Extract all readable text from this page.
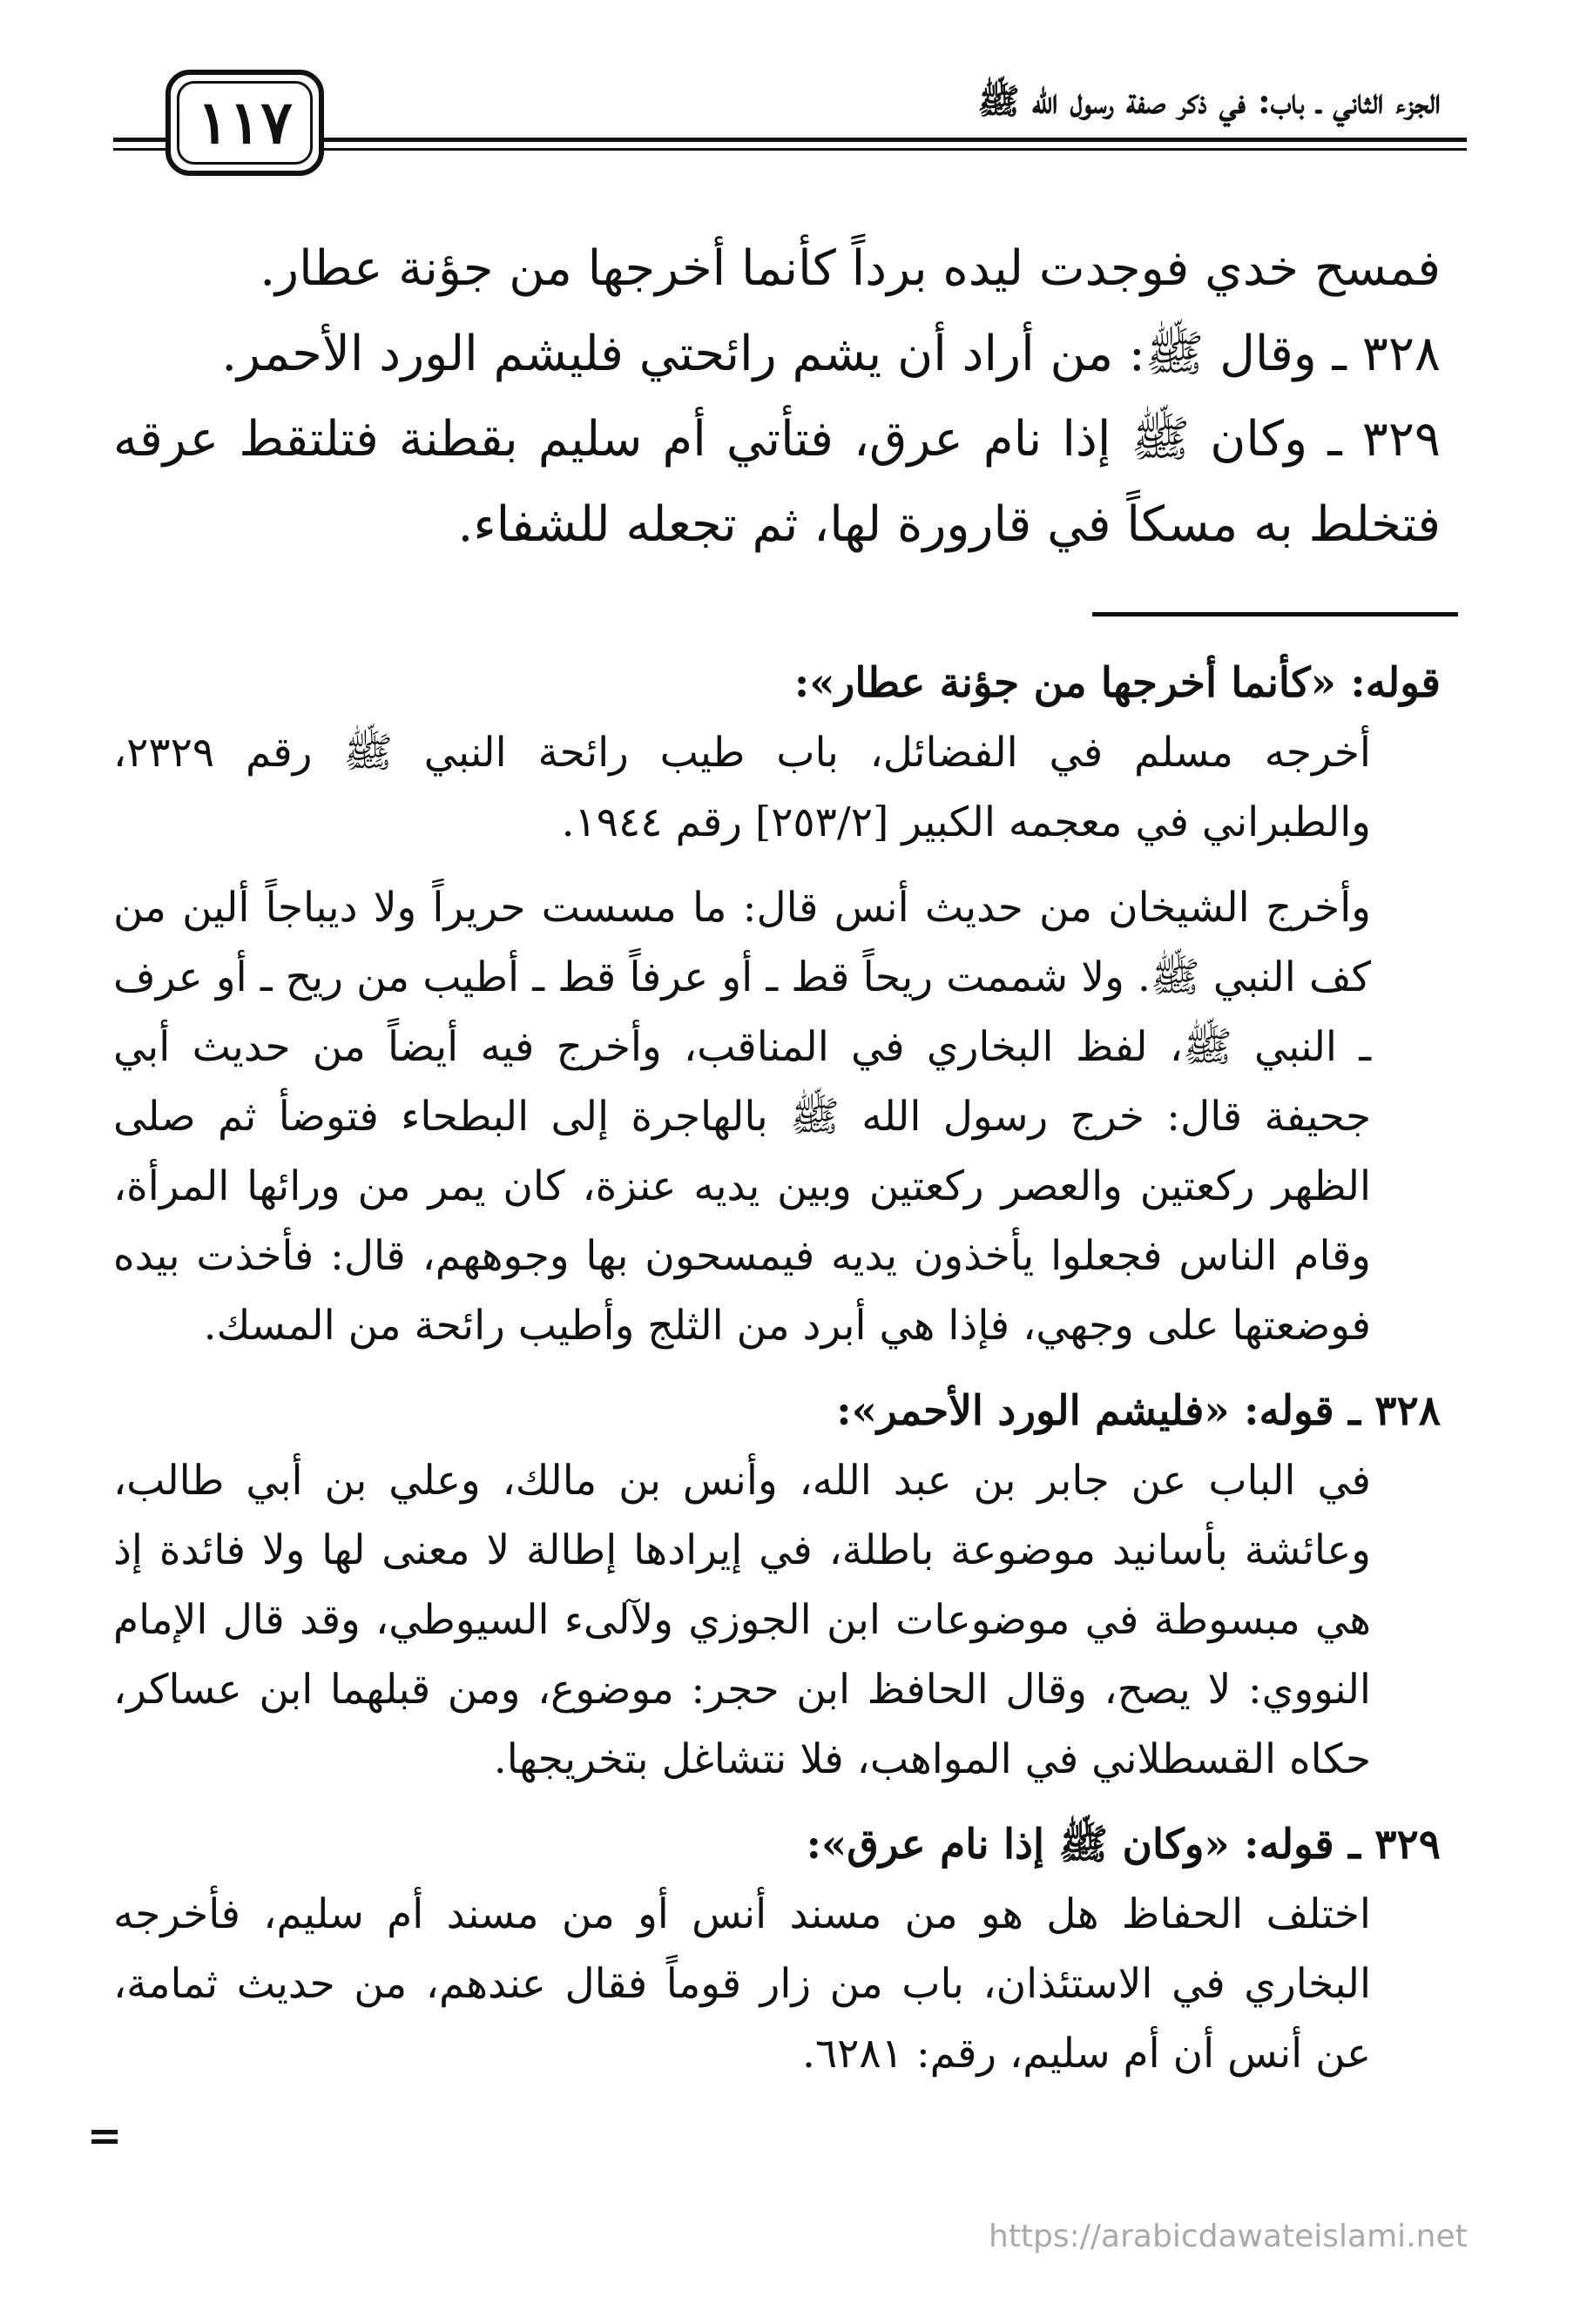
الجزء الثاني ـ باب: في ذكر صفة رسول الله ﷺ
١١٧

فمسح خدي فوجدت ليده برداً كأنما أخرجها من جؤنة عطار.

٣٢٨ ـ وقال ﷺ: من أراد أن يشم رائحتي فليشم الورد الأحمر.

٣٢٩ ـ وكان ﷺ إذا نام عرق، فتأتي أم سليم بقطنة فتلتقط عرقه فتخلط به مسكاً في قارورة لها، ثم تجعله للشفاء.

قوله: «كأنما أخرجها من جؤنة عطار»:

أخرجه مسلم في الفضائل، باب طيب رائحة النبي ﷺ رقم ٢٣٢٩، والطبراني في معجمه الكبير [٢٥٣/٢] رقم ١٩٤٤.

وأخرج الشيخان من حديث أنس قال: ما مسست حريراً ولا ديباجاً ألين من كف النبي ﷺ. ولا شممت ريحاً قط ـ أو عرفاً قط ـ أطيب من ريح ـ أو عرف ـ النبي ﷺ، لفظ البخاري في المناقب، وأخرج فيه أيضاً من حديث أبي جحيفة قال: خرج رسول الله ﷺ بالهاجرة إلى البطحاء فتوضأ ثم صلى الظهر ركعتين والعصر ركعتين وبين يديه عنزة، كان يمر من ورائها المرأة، وقام الناس فجعلوا يأخذون يديه فيمسحون بها وجوههم، قال: فأخذت بيده فوضعتها على وجهي، فإذا هي أبرد من الثلج وأطيب رائحة من المسك.

٣٢٨ ـ قوله: «فليشم الورد الأحمر»:

في الباب عن جابر بن عبد الله، وأنس بن مالك، وعلي بن أبي طالب، وعائشة بأسانيد موضوعة باطلة، في إيرادها إطالة لا معنى لها ولا فائدة إذ هي مبسوطة في موضوعات ابن الجوزي ولآلىء السيوطي، وقد قال الإمام النووي: لا يصح، وقال الحافظ ابن حجر: موضوع، ومن قبلهما ابن عساكر، حكاه القسطلاني في المواهب، فلا نتشاغل بتخريجها.

٣٢٩ ـ قوله: «وكان ﷺ إذا نام عرق»:

اختلف الحفاظ هل هو من مسند أنس أو من مسند أم سليم، فأخرجه البخاري في الاستئذان، باب من زار قوماً فقال عندهم، من حديث ثمامة، عن أنس أن أم سليم، رقم: ٦٢٨١.

=
https://arabicdawateislami.net
